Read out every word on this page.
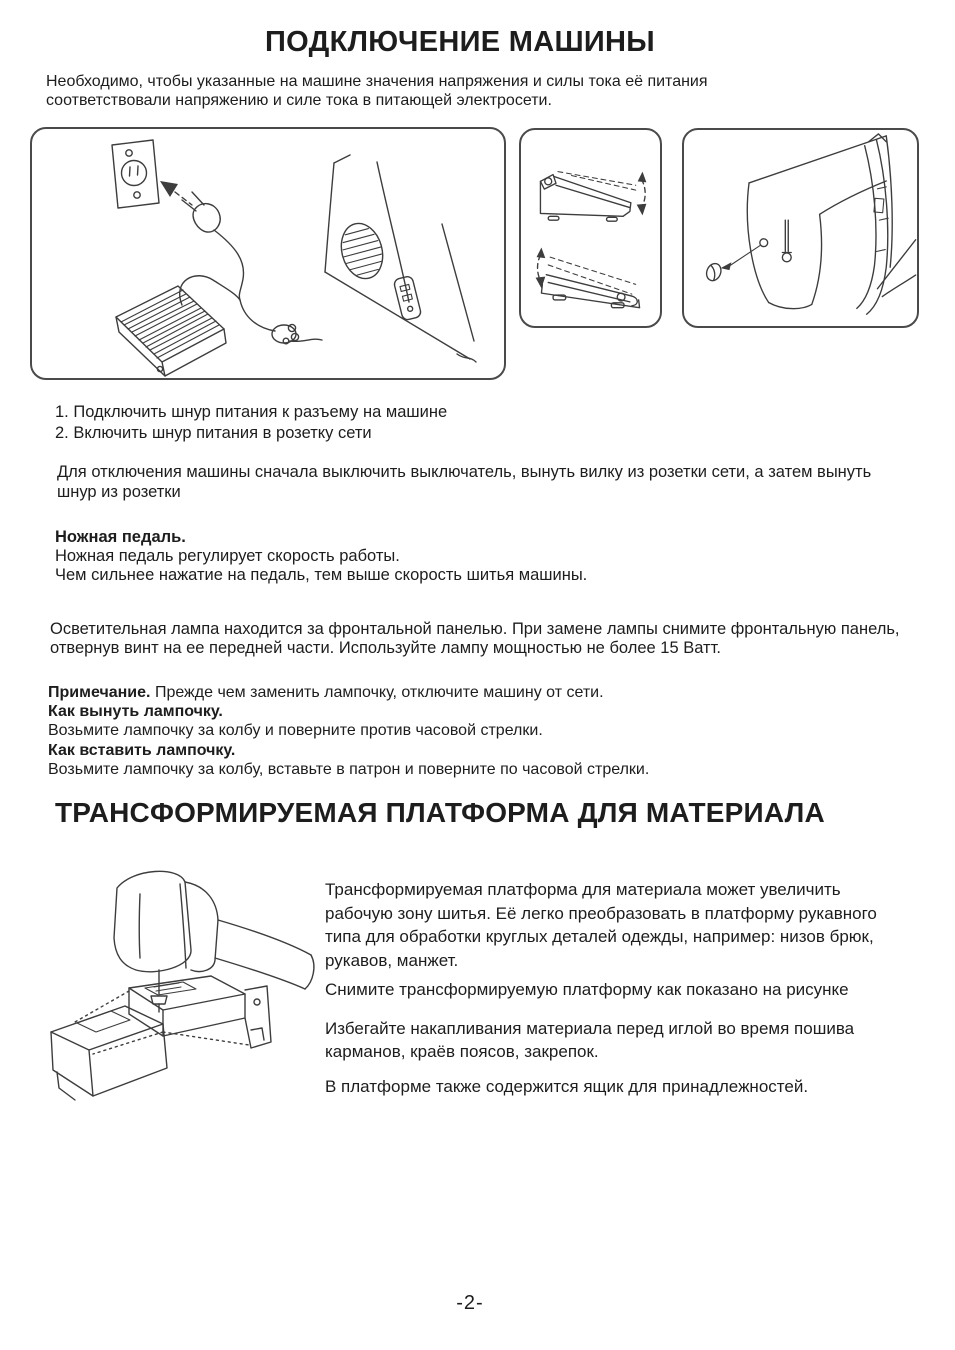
ПОДКЛЮЧЕНИЕ МАШИНЫ

Необходимо, чтобы указанные на машине значения напряжения и силы тока её питания соответствовали напряжению и силе тока в питающей электросети.

1. Подключить шнур питания к разъему на машине
2. Включить шнур питания в розетку сети

Для отключения машины сначала выключить выключатель, вынуть вилку из розетки сети, а затем вынуть шнур из розетки

Ножная педаль.
Ножная педаль регулирует скорость работы.
Чем сильнее нажатие на педаль, тем выше скорость шитья машины.

Осветительная лампа находится за фронтальной панелью. При замене лампы снимите фронтальную панель, отвернув винт на ее передней части. Используйте лампу мощностью не более 15 Ватт.

Примечание. Прежде чем заменить лампочку, отключите машину от сети.
Как вынуть лампочку.
Возьмите лампочку за колбу и поверните против часовой стрелки.
Как вставить лампочку.
Возьмите лампочку за колбу, вставьте в патрон и поверните по часовой стрелки.
ТРАНСФОРМИРУЕМАЯ ПЛАТФОРМА ДЛЯ МАТЕРИАЛА

Трансформируемая платформа для материала может увеличить рабочую зону шитья. Её легко преобразовать в платформу рукавного типа для обработки круглых деталей одежды, например: низов брюк, рукавов, манжет.

Снимите трансформируемую платформу как показано на рисунке

Избегайте накапливания материала перед иглой во время пошива карманов, краёв поясов, закрепок.

В платформе также содержится ящик для принадлежностей.

-2-
